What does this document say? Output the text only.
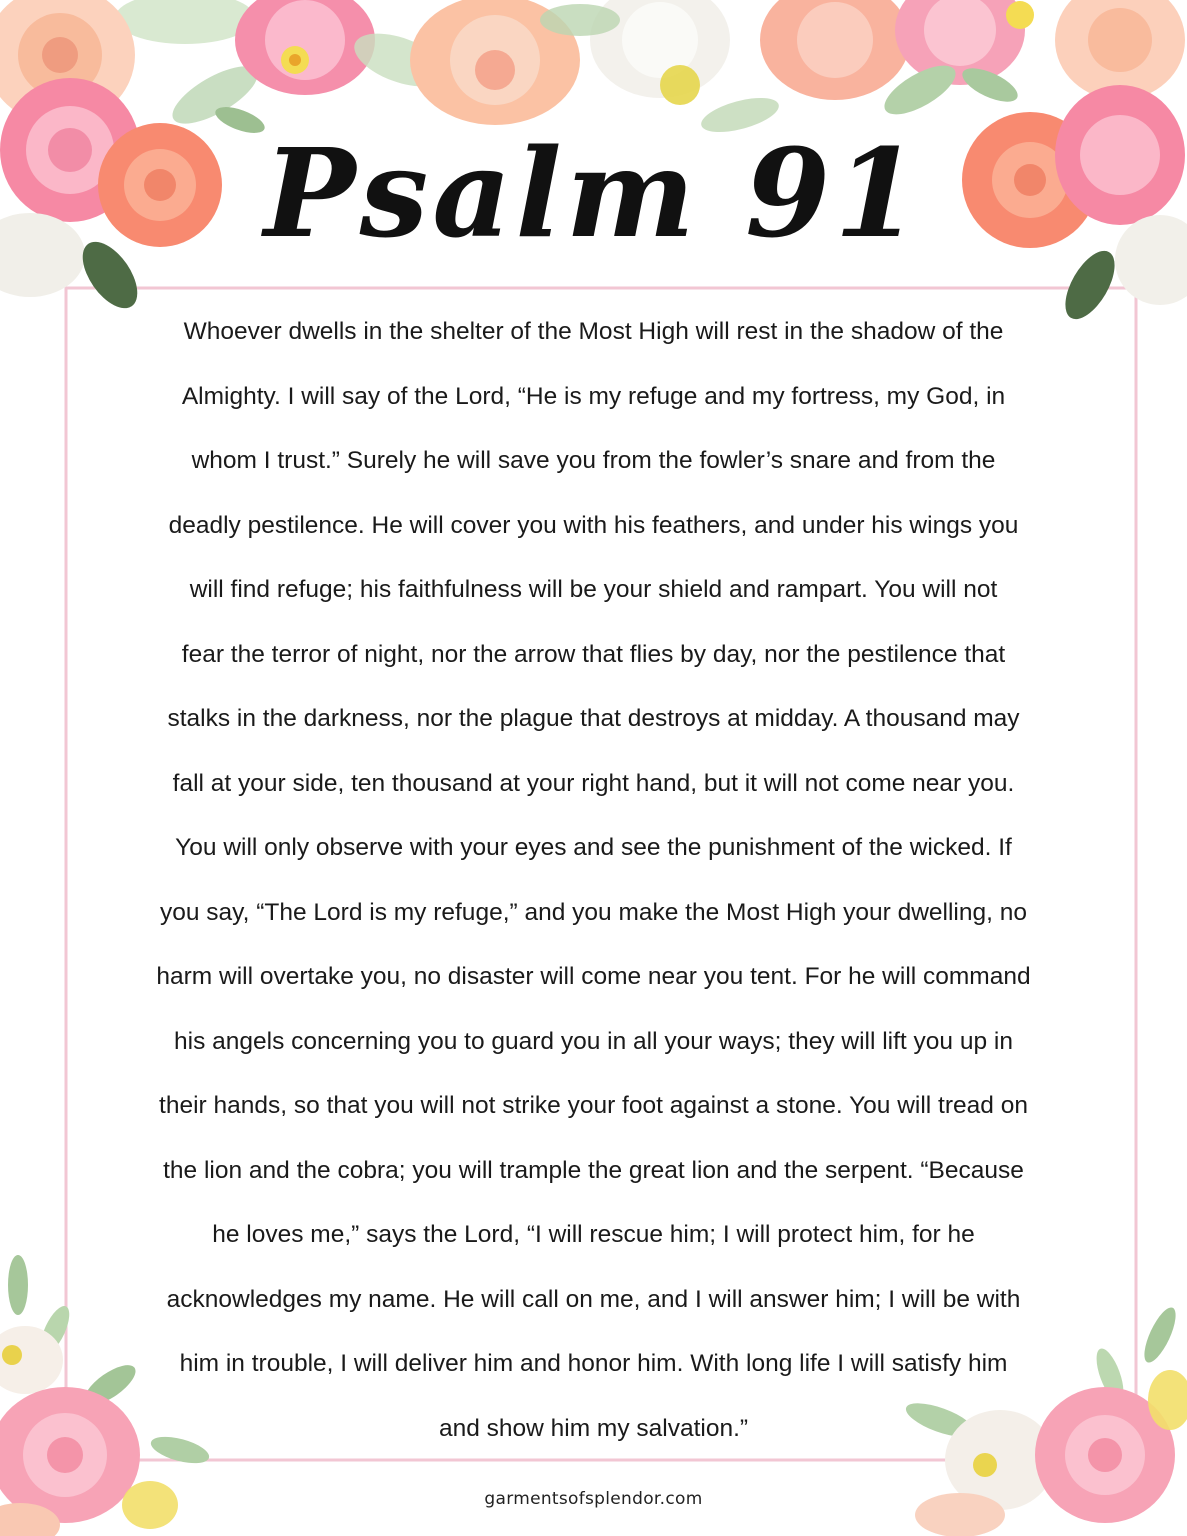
Psalm 91
Whoever dwells in the shelter of the Most High will rest in the shadow of the
Almighty. I will say of the Lord, “He is my refuge and my fortress, my God, in
whom I trust.” Surely he will save you from the fowler’s snare and from the
deadly pestilence. He will cover you with his feathers, and under his wings you
will find refuge; his faithfulness will be your shield and rampart. You will not
fear the terror of night, nor the arrow that flies by day, nor the pestilence that
stalks in the darkness, nor the plague that destroys at midday. A thousand may
fall at your side, ten thousand at your right hand, but it will not come near you.
You will only observe with your eyes and see the punishment of the wicked. If
you say, “The Lord is my refuge,” and you make the Most High your dwelling, no
harm will overtake you, no disaster will come near you tent. For he will command
his angels concerning you to guard you in all your ways; they will lift you up in
their hands, so that you will not strike your foot against a stone. You will tread on
the lion and the cobra; you will trample the great lion and the serpent. “Because
he loves me,” says the Lord, “I will rescue him; I will protect him, for he
acknowledges my name. He will call on me, and I will answer him; I will be with
him in trouble, I will deliver him and honor him. With long life I will satisfy him
and show him my salvation.”
garmentsofsplendor.com
